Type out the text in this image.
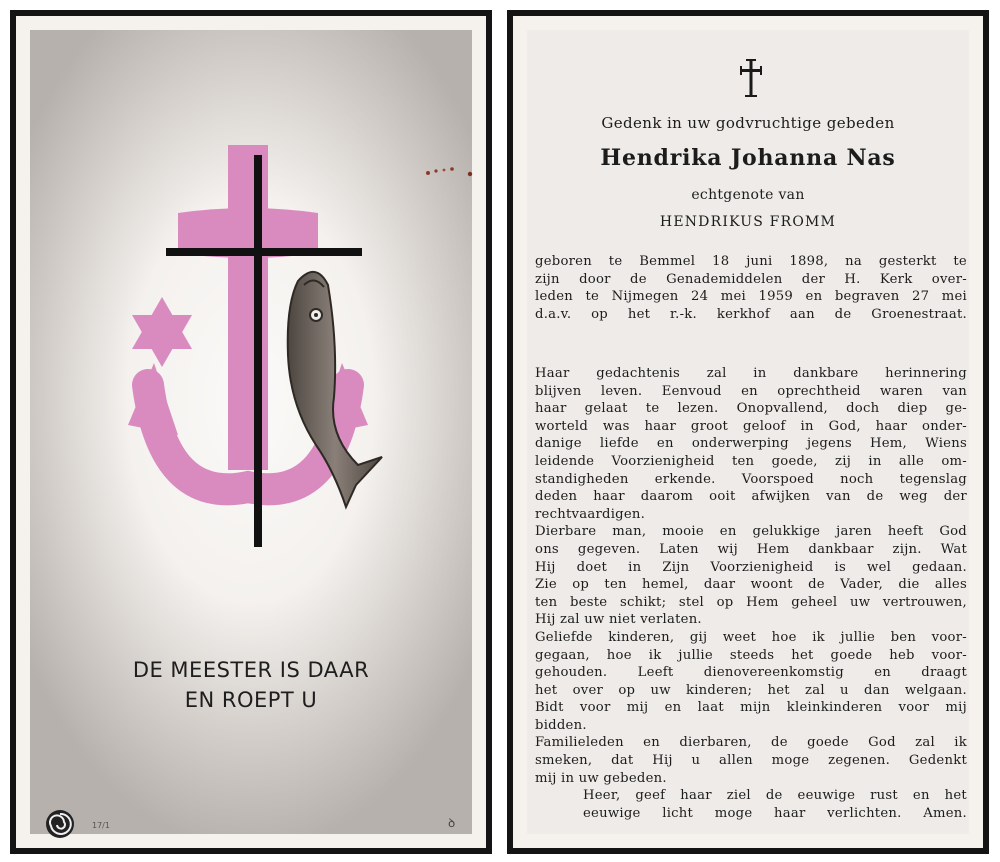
DE MEESTER IS DAAR
EN ROEPT U
17/1	ꝺ
Gedenk in uw godvruchtige gebeden
Hendrika Johanna Nas
echtgenote van
HENDRIKUS FROMM
geboren te Bemmel 18 juni 1898, na gesterkt te
zijn door de Genademiddelen der H. Kerk over-
leden te Nijmegen 24 mei 1959 en begraven 27 mei
d.a.v. op het r.-k. kerkhof aan de Groenestraat.
Haar gedachtenis zal in dankbare herinnering
blijven leven. Eenvoud en oprechtheid waren van
haar gelaat te lezen. Onopvallend, doch diep ge-
worteld was haar groot geloof in God, haar onder-
danige liefde en onderwerping jegens Hem, Wiens
leidende Voorzienigheid ten goede, zij in alle om-
standigheden erkende. Voorspoed noch tegenslag
deden haar daarom ooit afwijken van de weg der
rechtvaardigen.
Dierbare man, mooie en gelukkige jaren heeft God
ons gegeven. Laten wij Hem dankbaar zijn. Wat
Hij doet in Zijn Voorzienigheid is wel gedaan.
Zie op ten hemel, daar woont de Vader, die alles
ten beste schikt; stel op Hem geheel uw vertrouwen,
Hij zal uw niet verlaten.
Geliefde kinderen, gij weet hoe ik jullie ben voor-
gegaan, hoe ik jullie steeds het goede heb voor-
gehouden. Leeft dienovereenkomstig en draagt
het over op uw kinderen; het zal u dan welgaan.
Bidt voor mij en laat mijn kleinkinderen voor mij
bidden.
Familieleden en dierbaren, de goede God zal ik
smeken, dat Hij u allen moge zegenen. Gedenkt
mij in uw gebeden.
Heer, geef haar ziel de eeuwige rust en het
eeuwige licht moge haar verlichten. Amen.
